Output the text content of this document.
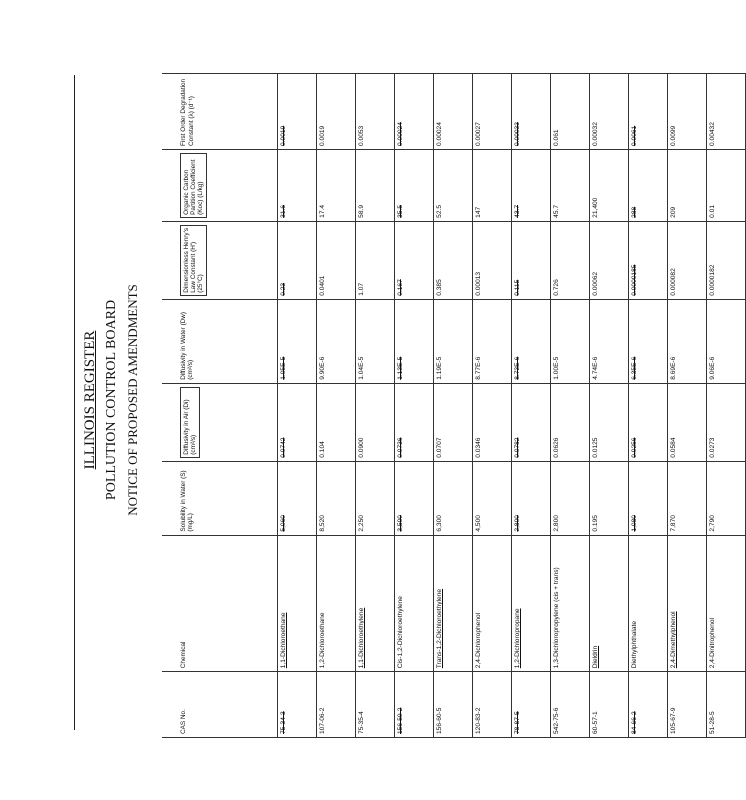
ILLINOIS REGISTER POLLUTION CONTROL BOARD NOTICE OF PROPOSED AMENDMENTS
CAS No.	Chemical	Solubility in Water (S) (mg/L)	Diffusivity in Air (Di) (cm²/s)	Diffusivity in Water (Dw) (cm²/s)	Dimensionless Henry's Law Constant (H') (25°C)	Organic Carbon Partition Coefficient (Koc) (L/kg)	First Order Degradation Constant (λ) (d⁻¹)
75-34-3	1,1-Dichloroethane	5,060	0.0742	1.05E-5	0.23	31.6	0.0019
107-06-2	1,2-Dichloroethane	8,520	0.104	9.90E-6	0.0401	17.4	0.0019
75-35-4	1,1-Dichloroethylene	2,250	0.0900	1.04E-5	1.07	58.9	0.0053
156-59-2	Cis-1,2-Dichloroethylene	3,500	0.0736	1.13E-5	0.167	35.5	0.00024
156-60-5	Trans-1,2-Dichloroethylene	6,300	0.0707	1.19E-5	0.385	52.5	0.00024
120-83-2	2,4-Dichlorophenol	4,500	0.0346	8.77E-6	0.00013	147	0.00027
78-87-5	1,2-Dichloropropane	2,800	0.0782	8.73E-6	0.115	43.7	0.00033
542-75-6	1,3-Dichloropropylene (cis + trans)	2,800	0.0626	1.00E-5	0.726	45.7	0.061
60-57-1	Dieldrin	0.195	0.0125	4.74E-6	0.00062	21,400	0.00032
84-66-2	Diethylphthalate	1,080	0.0256	6.35E-6	0.0000185	288	0.0061
105-67-9	2,4-Dimethylphenol	7,870	0.0584	8.69E-6	0.000082	209	0.0099
51-28-5	2,4-Dinitrophenol	2,790	0.0273	9.06E-6	0.0000182	0.01	0.00432
